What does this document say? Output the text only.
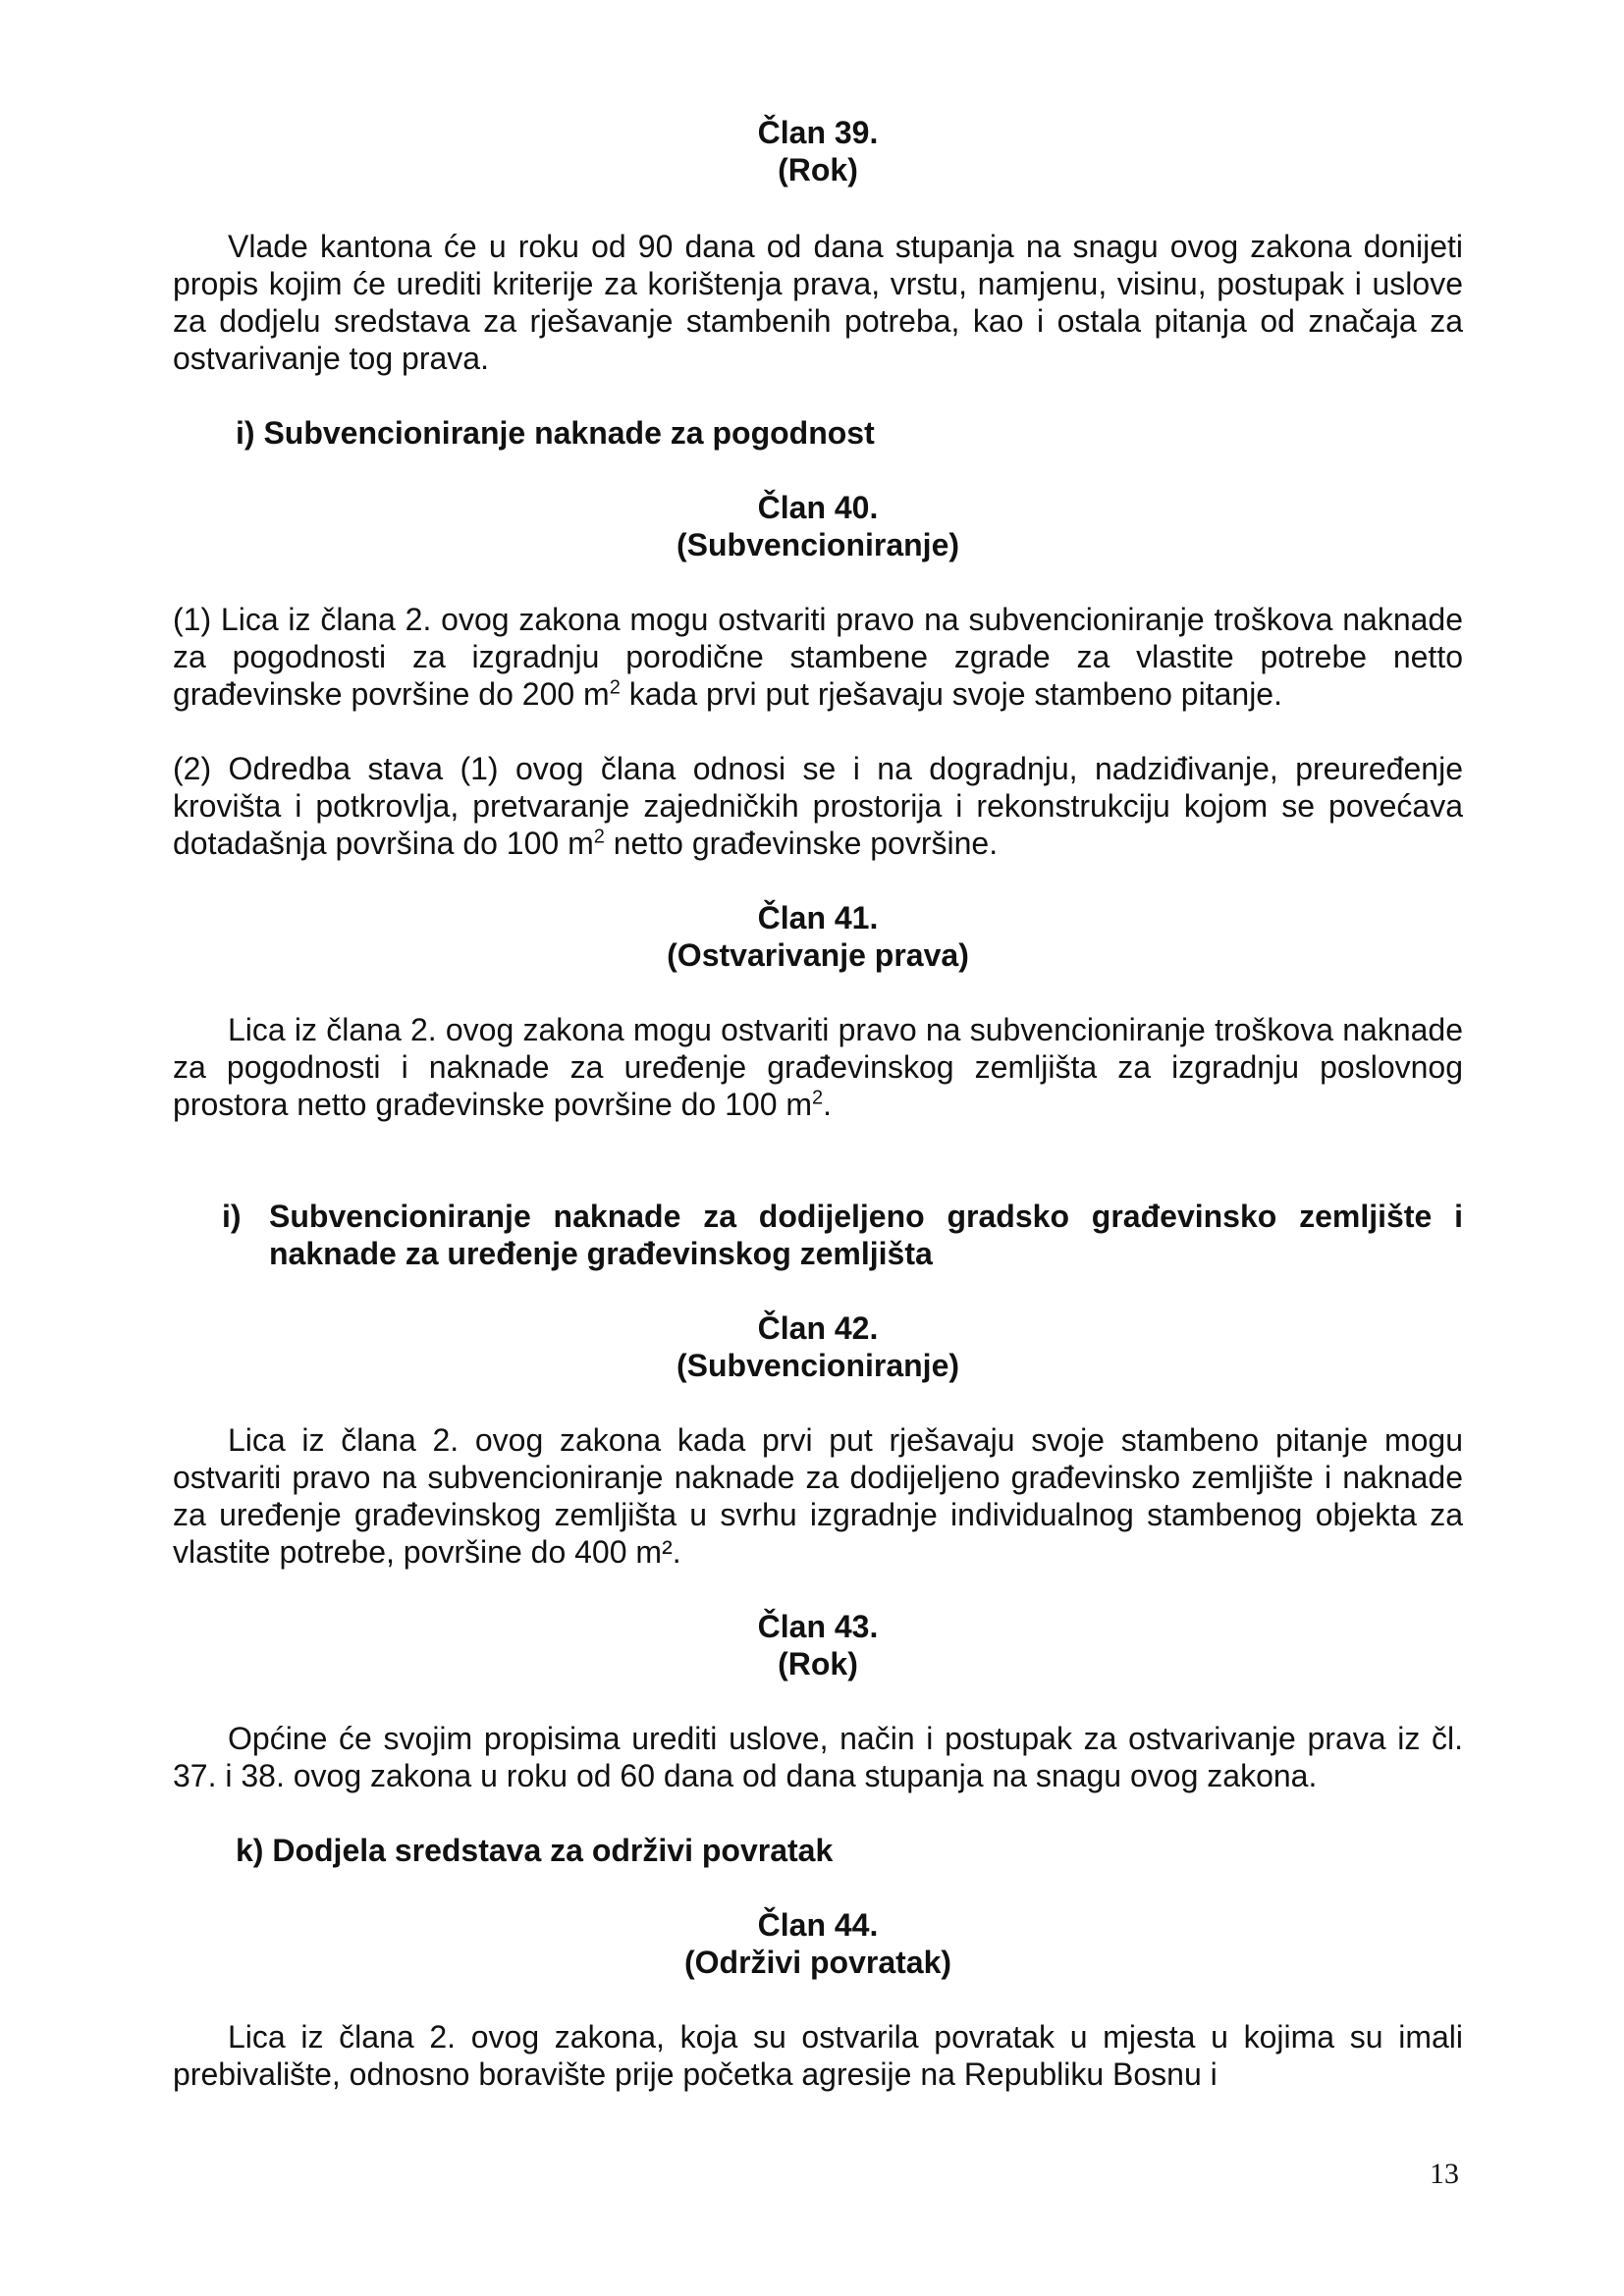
Član 39.
(Rok)

Vlade kantona će u roku od 90 dana od dana stupanja na snagu ovog zakona donijeti propis kojim će urediti kriterije za korištenja prava, vrstu, namjenu, visinu, postupak i uslove za dodjelu sredstava za rješavanje stambenih potreba, kao i ostala pitanja od značaja za ostvarivanje tog prava.

i) Subvencioniranje naknade za pogodnost
Član 40.
(Subvencioniranje)

(1) Lica iz člana 2. ovog zakona mogu ostvariti pravo na subvencioniranje troškova naknade za pogodnosti za izgradnju porodične stambene zgrade za vlastite potrebe netto građevinske površine do 200 $m^2$ kada prvi put rješavaju svoje stambeno pitanje.

(2) Odredba stava (1) ovog člana odnosi se i na dogradnju, nadziđivanje, preuređenje krovišta i potkrovlja, pretvaranje zajedničkih prostorija i rekonstrukciju kojom se povećava dotadašnja površina do 100 $m^2$ netto građevinske površine.

Član 41.
(Ostvarivanje prava)

Lica iz člana 2. ovog zakona mogu ostvariti pravo na subvencioniranje troškova naknade za pogodnosti i naknade za uređenje građevinskog zemljišta za izgradnju poslovnog prostora netto građevinske površine do 100 $m^2$.

i) Subvencioniranje naknade za dodijeljeno gradsko građevinsko zemljište i naknade za uređenje građevinskog zemljišta
Član 42.
(Subvencioniranje)

Lica iz člana 2. ovog zakona kada prvi put rješavaju svoje stambeno pitanje mogu ostvariti pravo na subvencioniranje naknade za dodijeljeno građevinsko zemljište i naknade za uređenje građevinskog zemljišta u svrhu izgradnje individualnog stambenog objekta za vlastite potrebe, površine do 400 m².

Član 43.
(Rok)

Općine će svojim propisima urediti uslove, način i postupak za ostvarivanje prava iz čl. 37. i 38. ovog zakona u roku od 60 dana od dana stupanja na snagu ovog zakona.

k) Dodjela sredstava za održivi povratak
Član 44.
(Održivi povratak)

Lica iz člana 2. ovog zakona, koja su ostvarila povratak u mjesta u kojima su imali prebivalište, odnosno boravište prije početka agresije na Republiku Bosnu i

13
